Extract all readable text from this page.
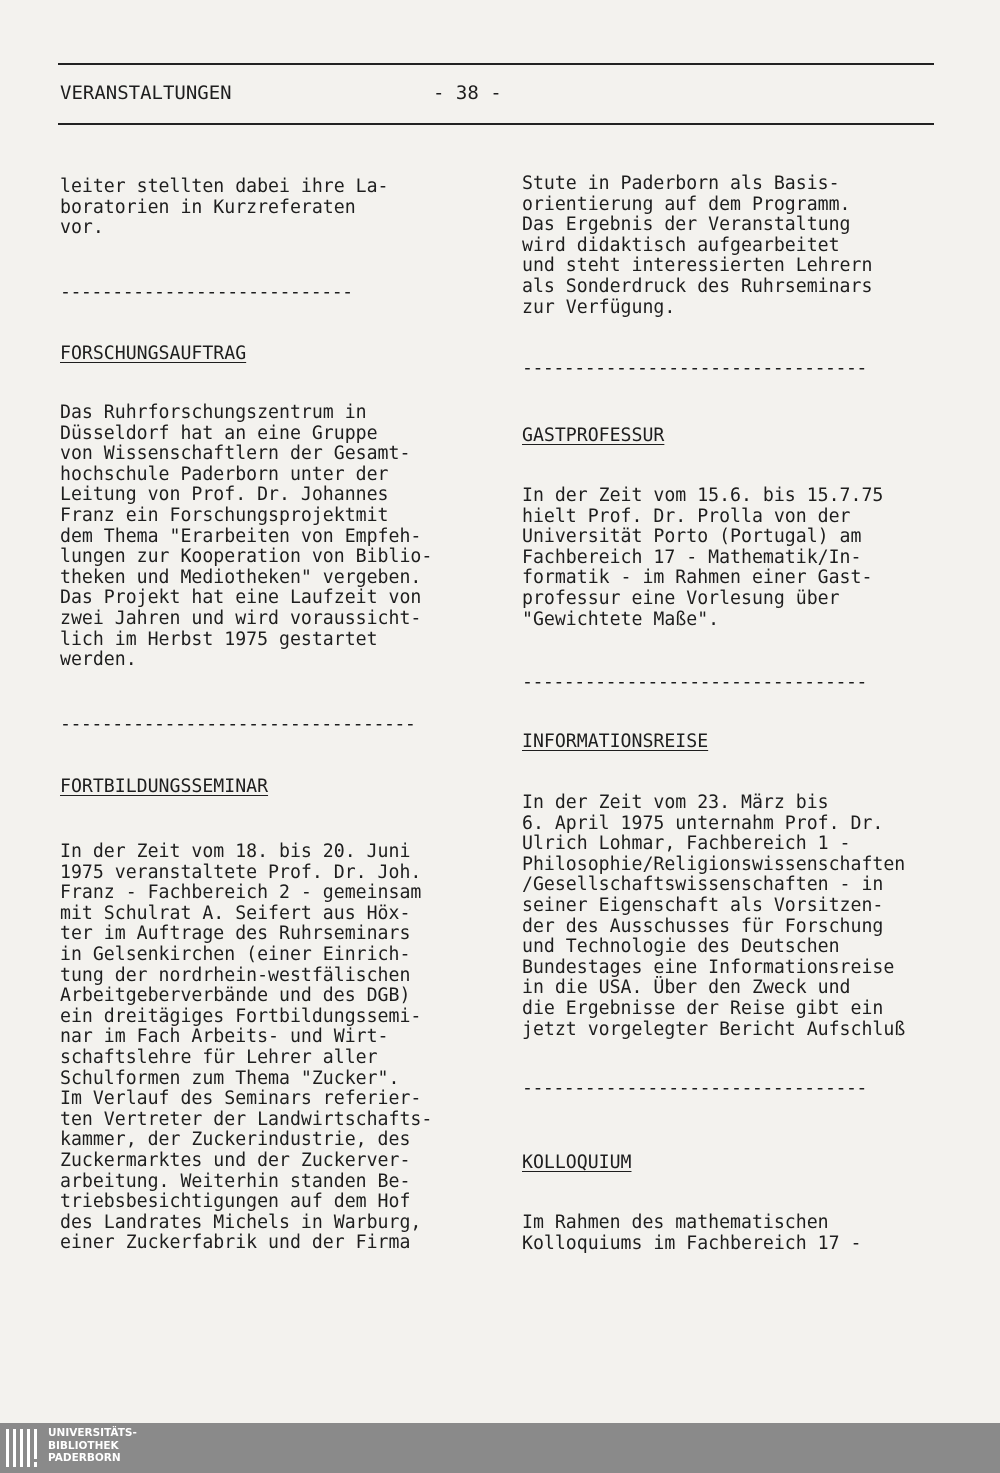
VERANSTALTUNGEN	- 38 -
leiter stellten dabei ihre La-
boratorien in Kurzreferaten
vor.
----------------------------
FORSCHUNGSAUFTRAG
Das Ruhrforschungszentrum in
Düsseldorf hat an eine Gruppe
von Wissenschaftlern der Gesamt-
hochschule Paderborn unter der
Leitung von Prof. Dr. Johannes
Franz ein Forschungsprojektmit
dem Thema "Erarbeiten von Empfeh-
lungen zur Kooperation von Biblio-
theken und Mediotheken" vergeben.
Das Projekt hat eine Laufzeit von
zwei Jahren und wird voraussicht-
lich im Herbst 1975 gestartet
werden.
----------------------------------
FORTBILDUNGSSEMINAR
In der Zeit vom 18. bis 20. Juni
1975 veranstaltete Prof. Dr. Joh.
Franz - Fachbereich 2 - gemeinsam
mit Schulrat A. Seifert aus Höx-
ter im Auftrage des Ruhrseminars
in Gelsenkirchen (einer Einrich-
tung der nordrhein-westfälischen
Arbeitgeberverbände und des DGB)
ein dreitägiges Fortbildungssemi-
nar im Fach Arbeits- und Wirt-
schaftslehre für Lehrer aller
Schulformen zum Thema "Zucker".
Im Verlauf des Seminars referier-
ten Vertreter der Landwirtschafts-
kammer, der Zuckerindustrie, des
Zuckermarktes und der Zuckerver-
arbeitung. Weiterhin standen Be-
triebsbesichtigungen auf dem Hof
des Landrates Michels in Warburg,
einer Zuckerfabrik und der Firma
Stute in Paderborn als Basis-
orientierung auf dem Programm.
Das Ergebnis der Veranstaltung
wird didaktisch aufgearbeitet
und steht interessierten Lehrern
als Sonderdruck des Ruhrseminars
zur Verfügung.
---------------------------------
GASTPROFESSUR
In der Zeit vom 15.6. bis 15.7.75
hielt Prof. Dr. Prolla von der
Universität Porto (Portugal) am
Fachbereich 17 - Mathematik/In-
formatik - im Rahmen einer Gast-
professur eine Vorlesung über
"Gewichtete Maße".
---------------------------------
INFORMATIONSREISE
In der Zeit vom 23. März bis
6. April 1975 unternahm Prof. Dr.
Ulrich Lohmar, Fachbereich 1 -
Philosophie/Religionswissenschaften
/Gesellschaftswissenschaften - in
seiner Eigenschaft als Vorsitzen-
der des Ausschusses für Forschung
und Technologie des Deutschen
Bundestages eine Informationsreise
in die USA. Über den Zweck und
die Ergebnisse der Reise gibt ein
jetzt vorgelegter Bericht Aufschluß
---------------------------------
KOLLOQUIUM
Im Rahmen des mathematischen
Kolloquiums im Fachbereich 17 -
UNIVERSITÄTS-
BIBLIOTHEK
PADERBORN
